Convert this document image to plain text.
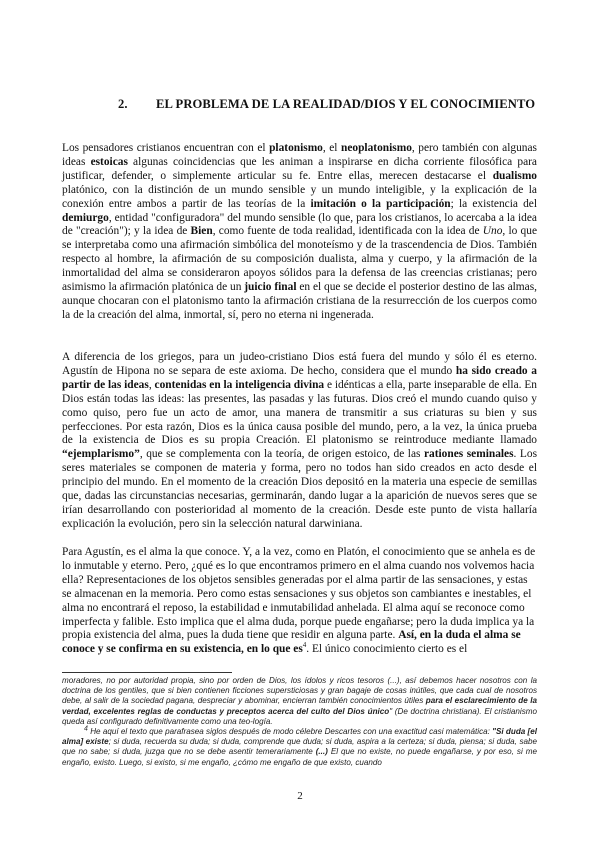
2. EL PROBLEMA DE LA REALIDAD/DIOS Y EL CONOCIMIENTO

Los pensadores cristianos encuentran con el platonismo, el neoplatonismo, pero también con algunas ideas estoicas algunas coincidencias que les animan a inspirarse en dicha corriente filosófica para justificar, defender, o simplemente articular su fe. Entre ellas, merecen destacarse el dualismo platónico, con la distinción de un mundo sensible y un mundo inteligible, y la explicación de la conexión entre ambos a partir de las teorías de la imitación o la participación; la existencia del demiurgo, entidad "configuradora" del mundo sensible (lo que, para los cristianos, lo acercaba a la idea de "creación"); y la idea de Bien, como fuente de toda realidad, identificada con la idea de Uno, lo que se interpretaba como una afirmación simbólica del monoteísmo y de la trascendencia de Dios. También respecto al hombre, la afirmación de su composición dualista, alma y cuerpo, y la afirmación de la inmortalidad del alma se consideraron apoyos sólidos para la defensa de las creencias cristianas; pero asimismo la afirmación platónica de un juicio final en el que se decide el posterior destino de las almas, aunque chocaran con el platonismo tanto la afirmación cristiana de la resurrección de los cuerpos como la de la creación del alma, inmortal, sí, pero no eterna ni ingenerada.

A diferencia de los griegos, para un judeo-cristiano Dios está fuera del mundo y sólo él es eterno. Agustín de Hipona no se separa de este axioma. De hecho, considera que el mundo ha sido creado a partir de las ideas, contenidas en la inteligencia divina e idénticas a ella, parte inseparable de ella. En Dios están todas las ideas: las presentes, las pasadas y las futuras. Dios creó el mundo cuando quiso y como quiso, pero fue un acto de amor, una manera de transmitir a sus criaturas su bien y sus perfecciones. Por esta razón, Dios es la única causa posible del mundo, pero, a la vez, la única prueba de la existencia de Dios es su propia Creación. El platonismo se reintroduce mediante llamado “ejemplarismo”, que se complementa con la teoría, de origen estoico, de las rationes seminales. Los seres materiales se componen de materia y forma, pero no todos han sido creados en acto desde el principio del mundo. En el momento de la creación Dios depositó en la materia una especie de semillas que, dadas las circunstancias necesarias, germinarán, dando lugar a la aparición de nuevos seres que se irían desarrollando con posterioridad al momento de la creación. Desde este punto de vista hallaría explicación la evolución, pero sin la selección natural darwiniana.

Para Agustín, es el alma la que conoce. Y, a la vez, como en Platón, el conocimiento que se anhela es de lo inmutable y eterno. Pero, ¿qué es lo que encontramos primero en el alma cuando nos volvemos hacia ella? Representaciones de los objetos sensibles generadas por el alma partir de las sensaciones, y estas se almacenan en la memoria. Pero como estas sensaciones y sus objetos son cambiantes e inestables, el alma no encontrará el reposo, la estabilidad e inmutabilidad anhelada. El alma aquí se reconoce como imperfecta y falible. Esto implica que el alma duda, porque puede engañarse; pero la duda implica ya la propia existencia del alma, pues la duda tiene que residir en alguna parte. Así, en la duda el alma se conoce y se confirma en su existencia, en lo que $es^4$. El único conocimiento cierto es el

moradores, no por autoridad propia, sino por orden de Dios, los ídolos y ricos tesoros (...), así debemos hacer nosotros con la doctrina de los gentiles, que si bien contienen ficciones supersticiosas y gran bagaje de cosas inútiles, que cada cual de nosotros debe, al salir de la sociedad pagana, despreciar y abominar, encierran también conocimientos útiles para el esclarecimiento de la verdad, excelentes reglas de conductas y preceptos acerca del culto del Dios único" (De doctrina christiana). El cristianismo queda así configurado definitivamente como una teo-logía.

$^4$ He aquí el texto que parafrasea siglos después de modo célebre Descartes con una exactitud casi matemática: "Si duda [el alma] existe; si duda, recuerda su duda; si duda, comprende que duda; si duda, aspira a la certeza; si duda, piensa; si duda, sabe que no sabe; si duda, juzga que no se debe asentir temerariamente (...) El que no existe, no puede engañarse, y por eso, si me engaño, existo. Luego, si existo, si me engaño, ¿cómo me engaño de que existo, cuando

2
